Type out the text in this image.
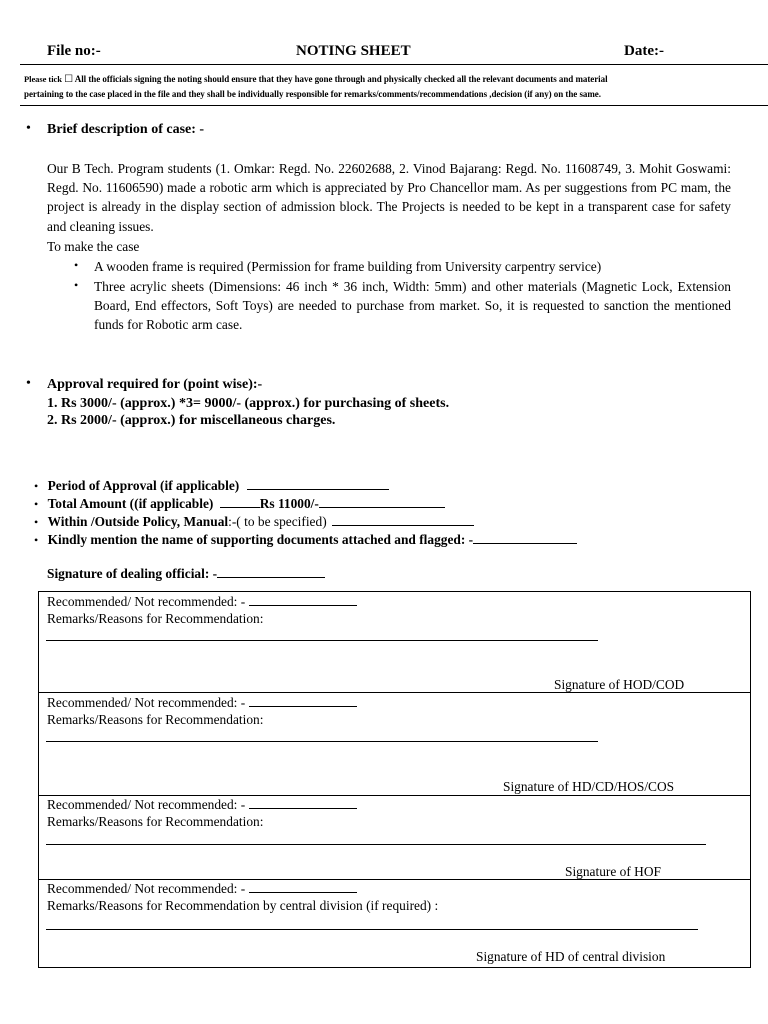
File no:-	NOTING SHEET	Date:-
Please tick ☐ All the officials signing the noting should ensure that they have gone through and physically checked all the relevant documents and material
pertaining to the case placed in the file and they shall be individually responsible for remarks/comments/recommendations ,decision (if any) on the same.
• Brief description of case: -
Our B Tech. Program students (1. Omkar: Regd. No. 22602688, 2. Vinod Bajarang: Regd. No. 11608749, 3. Mohit Goswami: Regd. No. 11606590) made a robotic arm which is appreciated by Pro Chancellor mam. As per suggestions from PC mam, the project is already in the display section of admission block. The Projects is needed to be kept in a transparent case for safety and cleaning issues.
To make the case
• A wooden frame is required (Permission for frame building from University carpentry service)
• Three acrylic sheets (Dimensions: 46 inch * 36 inch, Width: 5mm) and other materials (Magnetic Lock, Extension Board, End effectors, Soft Toys) are needed to purchase from market. So, it is requested to sanction the mentioned funds for Robotic arm case.
• Approval required for (point wise):-
1. Rs 3000/- (approx.) *3= 9000/- (approx.) for purchasing of sheets.
2. Rs 2000/- (approx.) for miscellaneous charges.
• Period of Approval (if applicable)
• Total Amount ((if applicable)	Rs 11000/-
• Within /Outside Policy, Manual:-( to be specified)
• Kindly mention the name of supporting documents attached and flagged: -
Signature of dealing official: -
Recommended/ Not recommended: -
Remarks/Reasons for Recommendation:
Signature of HOD/COD
Recommended/ Not recommended: -
Remarks/Reasons for Recommendation:
Signature of HD/CD/HOS/COS
Recommended/ Not recommended: -
Remarks/Reasons for Recommendation:
Signature of HOF
Recommended/ Not recommended: -
Remarks/Reasons for Recommendation by central division (if required) :
Signature of HD of central division
